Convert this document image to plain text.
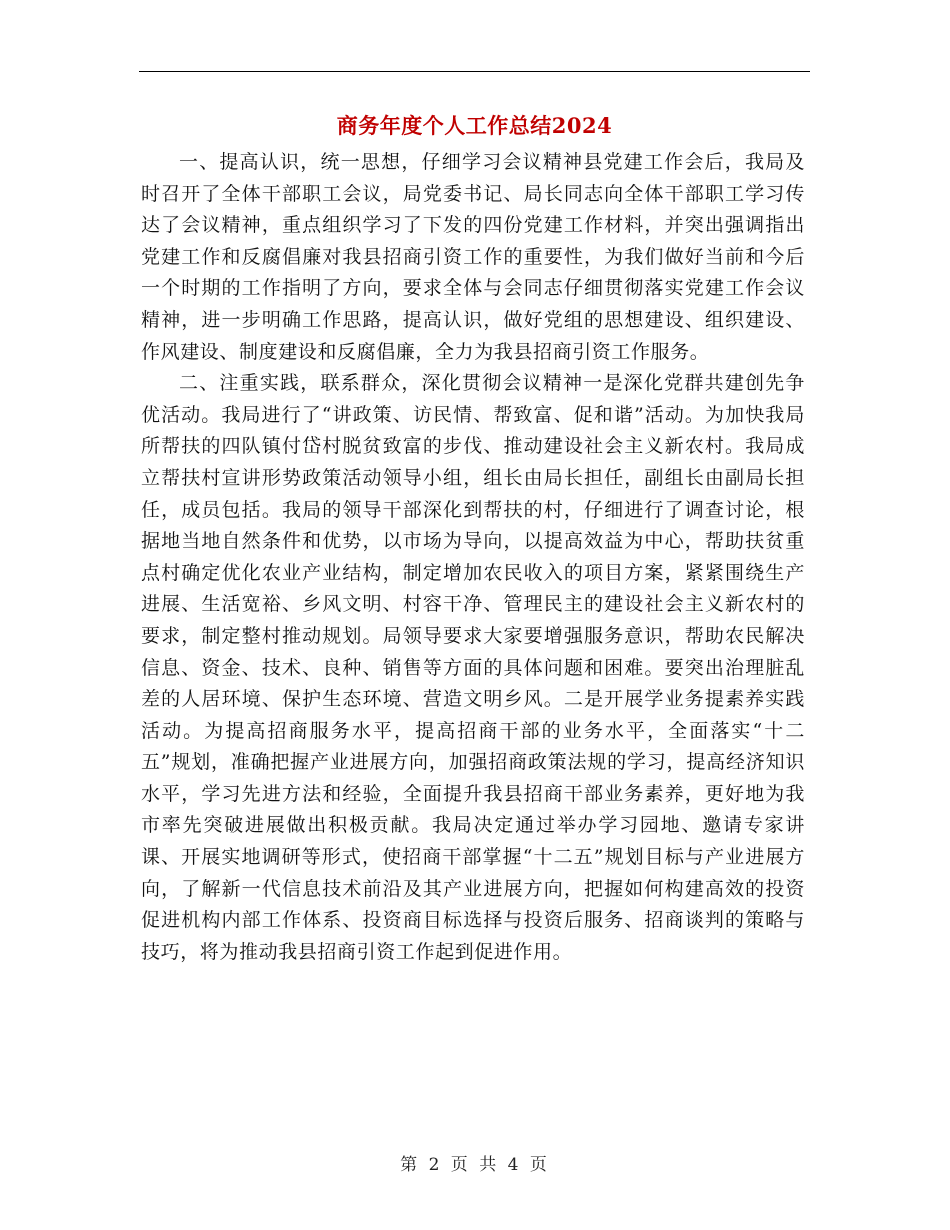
商务年度个人工作总结2024

一、提高认识，统一思想，仔细学习会议精神县党建工作会后，我局及时召开了全体干部职工会议，局党委书记、局长同志向全体干部职工学习传达了会议精神，重点组织学习了下发的四份党建工作材料，并突出强调指出党建工作和反腐倡廉对我县招商引资工作的重要性，为我们做好当前和今后一个时期的工作指明了方向，要求全体与会同志仔细贯彻落实党建工作会议精神，进一步明确工作思路，提高认识，做好党组的思想建设、组织建设、作风建设、制度建设和反腐倡廉，全力为我县招商引资工作服务。

二、注重实践，联系群众，深化贯彻会议精神一是深化党群共建创先争优活动。我局进行了“讲政策、访民情、帮致富、促和谐”活动。为加快我局所帮扶的四队镇付岱村脱贫致富的步伐、推动建设社会主义新农村。我局成立帮扶村宣讲形势政策活动领导小组，组长由局长担任，副组长由副局长担任，成员包括。我局的领导干部深化到帮扶的村，仔细进行了调查讨论，根据地当地自然条件和优势，以市场为导向，以提高效益为中心，帮助扶贫重点村确定优化农业产业结构，制定增加农民收入的项目方案，紧紧围绕生产进展、生活宽裕、乡风文明、村容干净、管理民主的建设社会主义新农村的要求，制定整村推动规划。局领导要求大家要增强服务意识，帮助农民解决信息、资金、技术、良种、销售等方面的具体问题和困难。要突出治理脏乱差的人居环境、保护生态环境、营造文明乡风。二是开展学业务提素养实践活动。为提高招商服务水平，提高招商干部的业务水平，全面落实“十二五”规划，准确把握产业进展方向，加强招商政策法规的学习，提高经济知识水平，学习先进方法和经验，全面提升我县招商干部业务素养，更好地为我市率先突破进展做出积极贡献。我局决定通过举办学习园地、邀请专家讲课、开展实地调研等形式，使招商干部掌握“十二五”规划目标与产业进展方向，了解新一代信息技术前沿及其产业进展方向，把握如何构建高效的投资促进机构内部工作体系、投资商目标选择与投资后服务、招商谈判的策略与技巧，将为推动我县招商引资工作起到促进作用。

第 2 页 共 4 页
